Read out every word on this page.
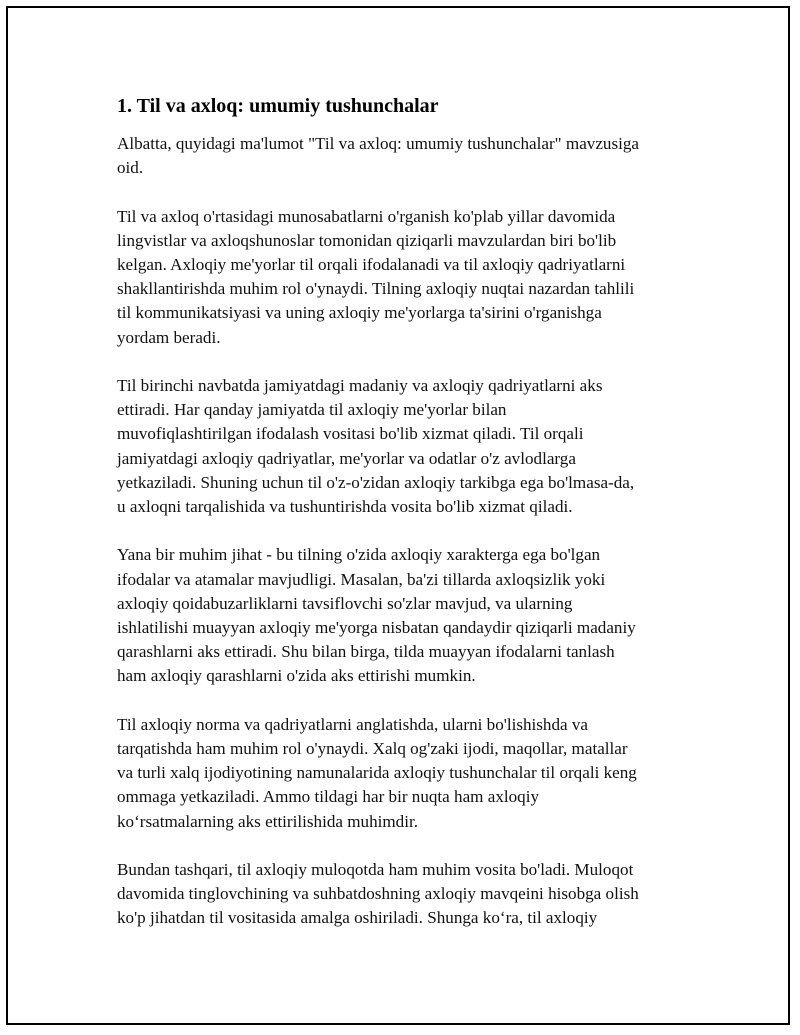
1. Til va axloq: umumiy tushunchalar

Albatta, quyidagi ma'lumot "Til va axloq: umumiy tushunchalar" mavzusiga
oid.

Til va axloq o'rtasidagi munosabatlarni o'rganish ko'plab yillar davomida
lingvistlar va axloqshunoslar tomonidan qiziqarli mavzulardan biri bo'lib
kelgan. Axloqiy me'yorlar til orqali ifodalanadi va til axloqiy qadriyatlarni
shakllantirishda muhim rol o'ynaydi. Tilning axloqiy nuqtai nazardan tahlili
til kommunikatsiyasi va uning axloqiy me'yorlarga ta'sirini o'rganishga
yordam beradi.

Til birinchi navbatda jamiyatdagi madaniy va axloqiy qadriyatlarni aks
ettiradi. Har qanday jamiyatda til axloqiy me'yorlar bilan
muvofiqlashtirilgan ifodalash vositasi bo'lib xizmat qiladi. Til orqali
jamiyatdagi axloqiy qadriyatlar, me'yorlar va odatlar o'z avlodlarga
yetkaziladi. Shuning uchun til o'z-o'zidan axloqiy tarkibga ega bo'lmasa-da,
u axloqni tarqalishida va tushuntirishda vosita bo'lib xizmat qiladi.

Yana bir muhim jihat - bu tilning o'zida axloqiy xarakterga ega bo'lgan
ifodalar va atamalar mavjudligi. Masalan, ba'zi tillarda axloqsizlik yoki
axloqiy qoidabuzarliklarni tavsiflovchi so'zlar mavjud, va ularning
ishlatilishi muayyan axloqiy me'yorga nisbatan qandaydir qiziqarli madaniy
qarashlarni aks ettiradi. Shu bilan birga, tilda muayyan ifodalarni tanlash
ham axloqiy qarashlarni o'zida aks ettirishi mumkin.

Til axloqiy norma va qadriyatlarni anglatishda, ularni bo'lishishda va
tarqatishda ham muhim rol o'ynaydi. Xalq og'zaki ijodi, maqollar, matallar
va turli xalq ijodiyotining namunalarida axloqiy tushunchalar til orqali keng
ommaga yetkaziladi. Ammo tildagi har bir nuqta ham axloqiy
ko‘rsatmalarning aks ettirilishida muhimdir.

Bundan tashqari, til axloqiy muloqotda ham muhim vosita bo'ladi. Muloqot
davomida tinglovchining va suhbatdoshning axloqiy mavqeini hisobga olish
ko'p jihatdan til vositasida amalga oshiriladi. Shunga ko‘ra, til axloqiy
